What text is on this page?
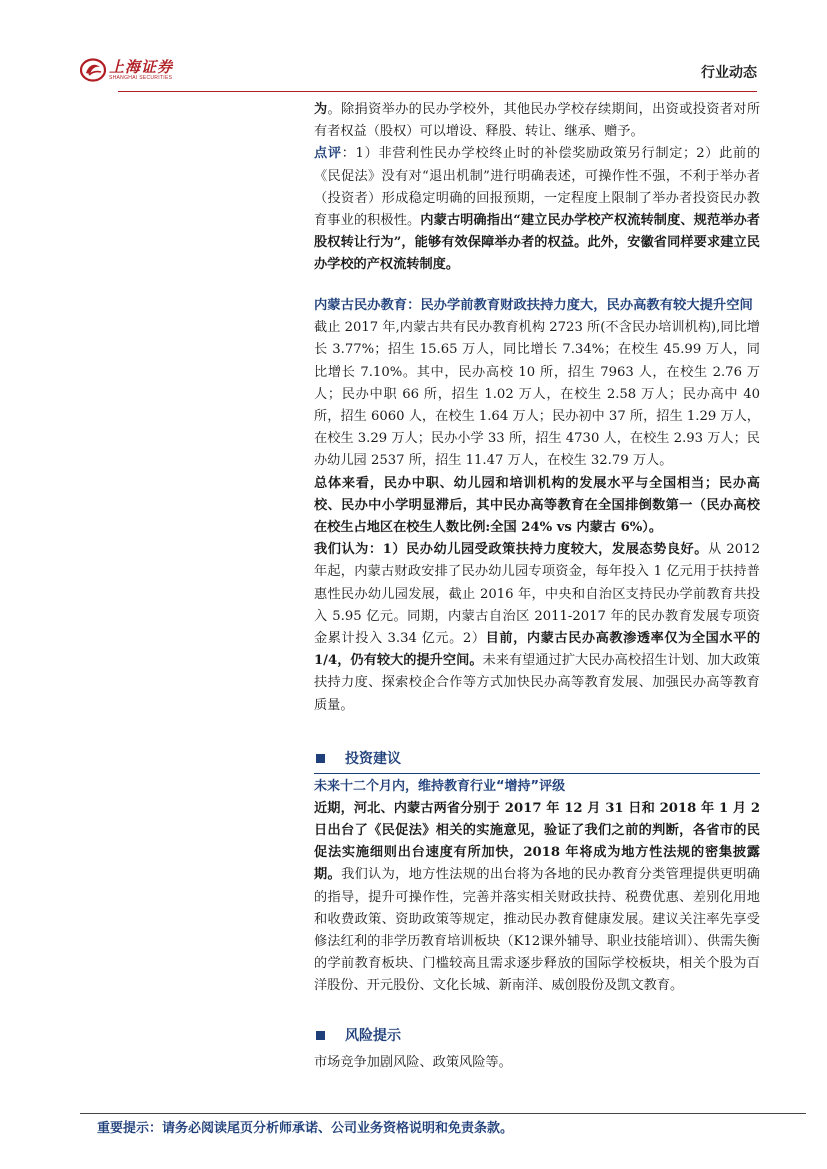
上海证券
SHANGHAI SECURITIES	行业动态

为。除捐资举办的民办学校外，其他民办学校存续期间，出资或投资者对所有者权益（股权）可以增设、释股、转让、继承、赠予。

点评：1）非营利性民办学校终止时的补偿奖励政策另行制定；2）此前的《民促法》没有对“退出机制”进行明确表述，可操作性不强，不利于举办者（投资者）形成稳定明确的回报预期，一定程度上限制了举办者投资民办教育事业的积极性。内蒙古明确指出“建立民办学校产权流转制度、规范举办者股权转让行为”，能够有效保障举办者的权益。此外，安徽省同样要求建立民办学校的产权流转制度。

内蒙古民办教育：民办学前教育财政扶持力度大，民办高教有较大提升空间

截止 2017 年,内蒙古共有民办教育机构 2723 所(不含民办培训机构),同比增长 3.77%；招生 15.65 万人，同比增长 7.34%；在校生 45.99 万人，同比增长 7.10%。其中，民办高校 10 所，招生 7963 人，在校生 2.76 万人；民办中职 66 所，招生 1.02 万人，在校生 2.58 万人；民办高中 40 所，招生 6060 人，在校生 1.64 万人；民办初中 37 所，招生 1.29 万人，在校生 3.29 万人；民办小学 33 所，招生 4730 人，在校生 2.93 万人；民办幼儿园 2537 所，招生 11.47 万人，在校生 32.79 万人。

总体来看，民办中职、幼儿园和培训机构的发展水平与全国相当；民办高校、民办中小学明显滞后，其中民办高等教育在全国排倒数第一（民办高校在校生占地区在校生人数比例:全国 24% vs 内蒙古 6%）。

我们认为：1）民办幼儿园受政策扶持力度较大，发展态势良好。从 2012 年起，内蒙古财政安排了民办幼儿园专项资金，每年投入 1 亿元用于扶持普惠性民办幼儿园发展，截止 2016 年，中央和自治区支持民办学前教育共投入 5.95 亿元。同期，内蒙古自治区 2011-2017 年的民办教育发展专项资金累计投入 3.34 亿元。2）目前，内蒙古民办高教渗透率仅为全国水平的 1/4，仍有较大的提升空间。未来有望通过扩大民办高校招生计划、加大政策扶持力度、探索校企合作等方式加快民办高等教育发展、加强民办高等教育质量。

投资建议
未来十二个月内，维持教育行业“增持”评级

近期，河北、内蒙古两省分别于 2017 年 12 月 31 日和 2018 年 1 月 2 日出台了《民促法》相关的实施意见，验证了我们之前的判断，各省市的民促法实施细则出台速度有所加快，2018 年将成为地方性法规的密集披露期。我们认为，地方性法规的出台将为各地的民办教育分类管理提供更明确的指导，提升可操作性，完善并落实相关财政扶持、税费优惠、差别化用地和收费政策、资助政策等规定，推动民办教育健康发展。建议关注率先享受修法红利的非学历教育培训板块（K12课外辅导、职业技能培训）、供需失衡的学前教育板块、门槛较高且需求逐步释放的国际学校板块，相关个股为百洋股份、开元股份、文化长城、新南洋、威创股份及凯文教育。

风险提示

市场竞争加剧风险、政策风险等。

重要提示：请务必阅读尾页分析师承诺、公司业务资格说明和免责条款。
